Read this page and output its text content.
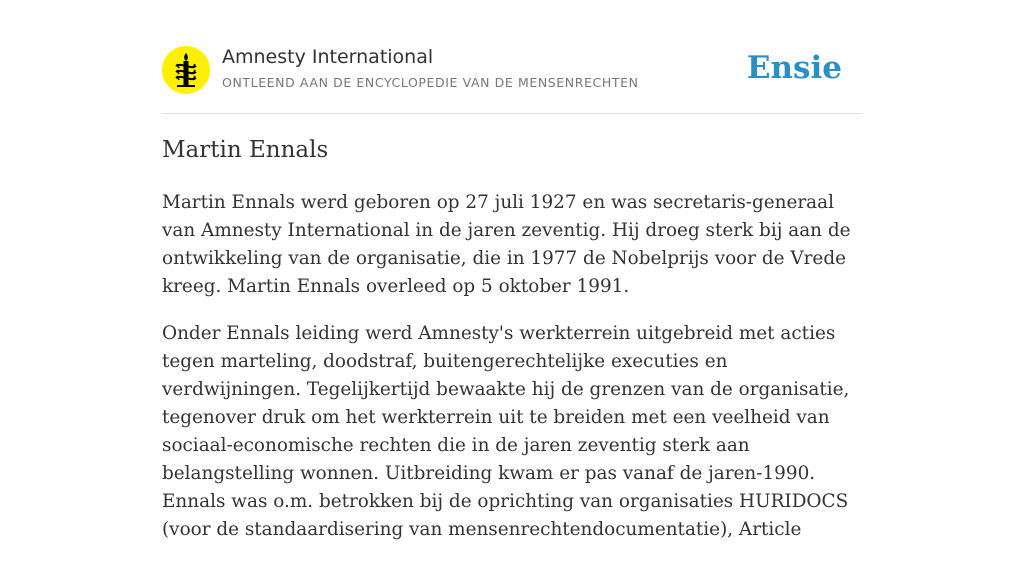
Amnesty International
ONTLEEND AAN DE ENCYCLOPEDIE VAN DE MENSENRECHTEN	Ensie
Martin Ennals

Martin Ennals werd geboren op 27 juli 1927 en was secretaris-generaal van Amnesty International in de jaren zeventig. Hij droeg sterk bij aan de ontwikkeling van de organisatie, die in 1977 de Nobelprijs voor de Vrede kreeg. Martin Ennals overleed op 5 oktober 1991.

Onder Ennals leiding werd Amnesty's werkterrein uitgebreid met acties tegen marteling, doodstraf, buitengerechtelijke executies en verdwijningen. Tegelijkertijd bewaakte hij de grenzen van de organisatie, tegenover druk om het werkterrein uit te breiden met een veelheid van sociaal-economische rechten die in de jaren zeventig sterk aan belangstelling wonnen. Uitbreiding kwam er pas vanaf de jaren-1990. Ennals was o.m. betrokken bij de oprichting van organisaties HURIDOCS (voor de standaardisering van mensenrechtendocumentatie), Article
